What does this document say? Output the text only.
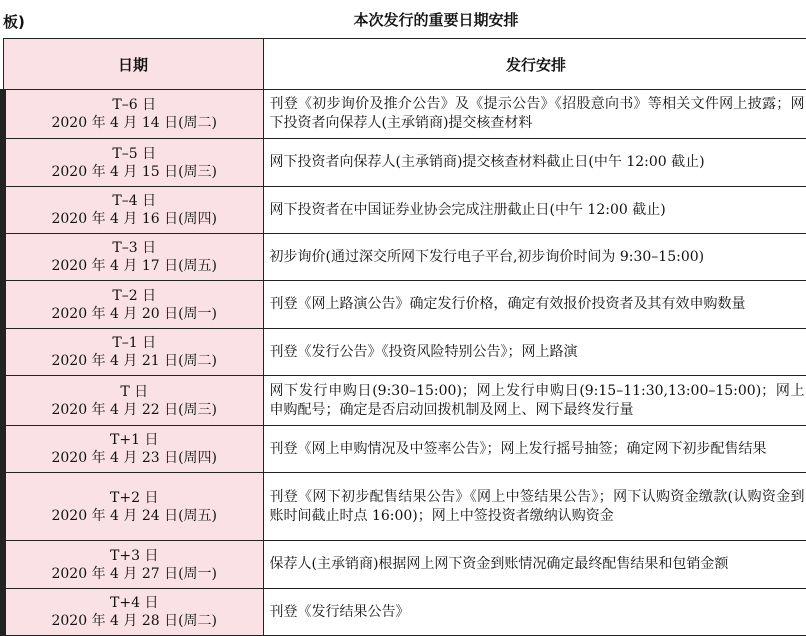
板) 本次发行的重要日期安排	

日期	发行安排

T–6 日
2020 年 4 月 14 日(周二)	刊登《初步询价及推介公告》及《提示公告》《招股意向书》等相关文件网上披露；网下投资者向保荐人(主承销商)提交核查材料

T–5 日
2020 年 4 月 15 日(周三)	网下投资者向保荐人(主承销商)提交核查材料截止日(中午 12:00 截止)

T–4 日
2020 年 4 月 16 日(周四)	网下投资者在中国证券业协会完成注册截止日(中午 12:00 截止)

T–3 日
2020 年 4 月 17 日(周五)	初步询价(通过深交所网下发行电子平台,初步询价时间为 9:30–15:00)

T–2 日
2020 年 4 月 20 日(周一)	刊登《网上路演公告》确定发行价格，确定有效报价投资者及其有效申购数量

T–1 日
2020 年 4 月 21 日(周二)	刊登《发行公告》《投资风险特别公告》；网上路演

T 日
2020 年 4 月 22 日(周三)	网下发行申购日(9:30–15:00)；网上发行申购日(9:15–11:30,13:00–15:00)；网上申购配号；确定是否启动回拨机制及网上、网下最终发行量

T+1 日
2020 年 4 月 23 日(周四)	刊登《网上申购情况及中签率公告》；网上发行摇号抽签；确定网下初步配售结果

T+2 日
2020 年 4 月 24 日(周五)	刊登《网下初步配售结果公告》《网上中签结果公告》；网下认购资金缴款(认购资金到账时间截止时点 16:00)；网上中签投资者缴纳认购资金

T+3 日
2020 年 4 月 27 日(周一)	保荐人(主承销商)根据网上网下资金到账情况确定最终配售结果和包销金额

T+4 日
2020 年 4 月 28 日(周二)	刊登《发行结果公告》
